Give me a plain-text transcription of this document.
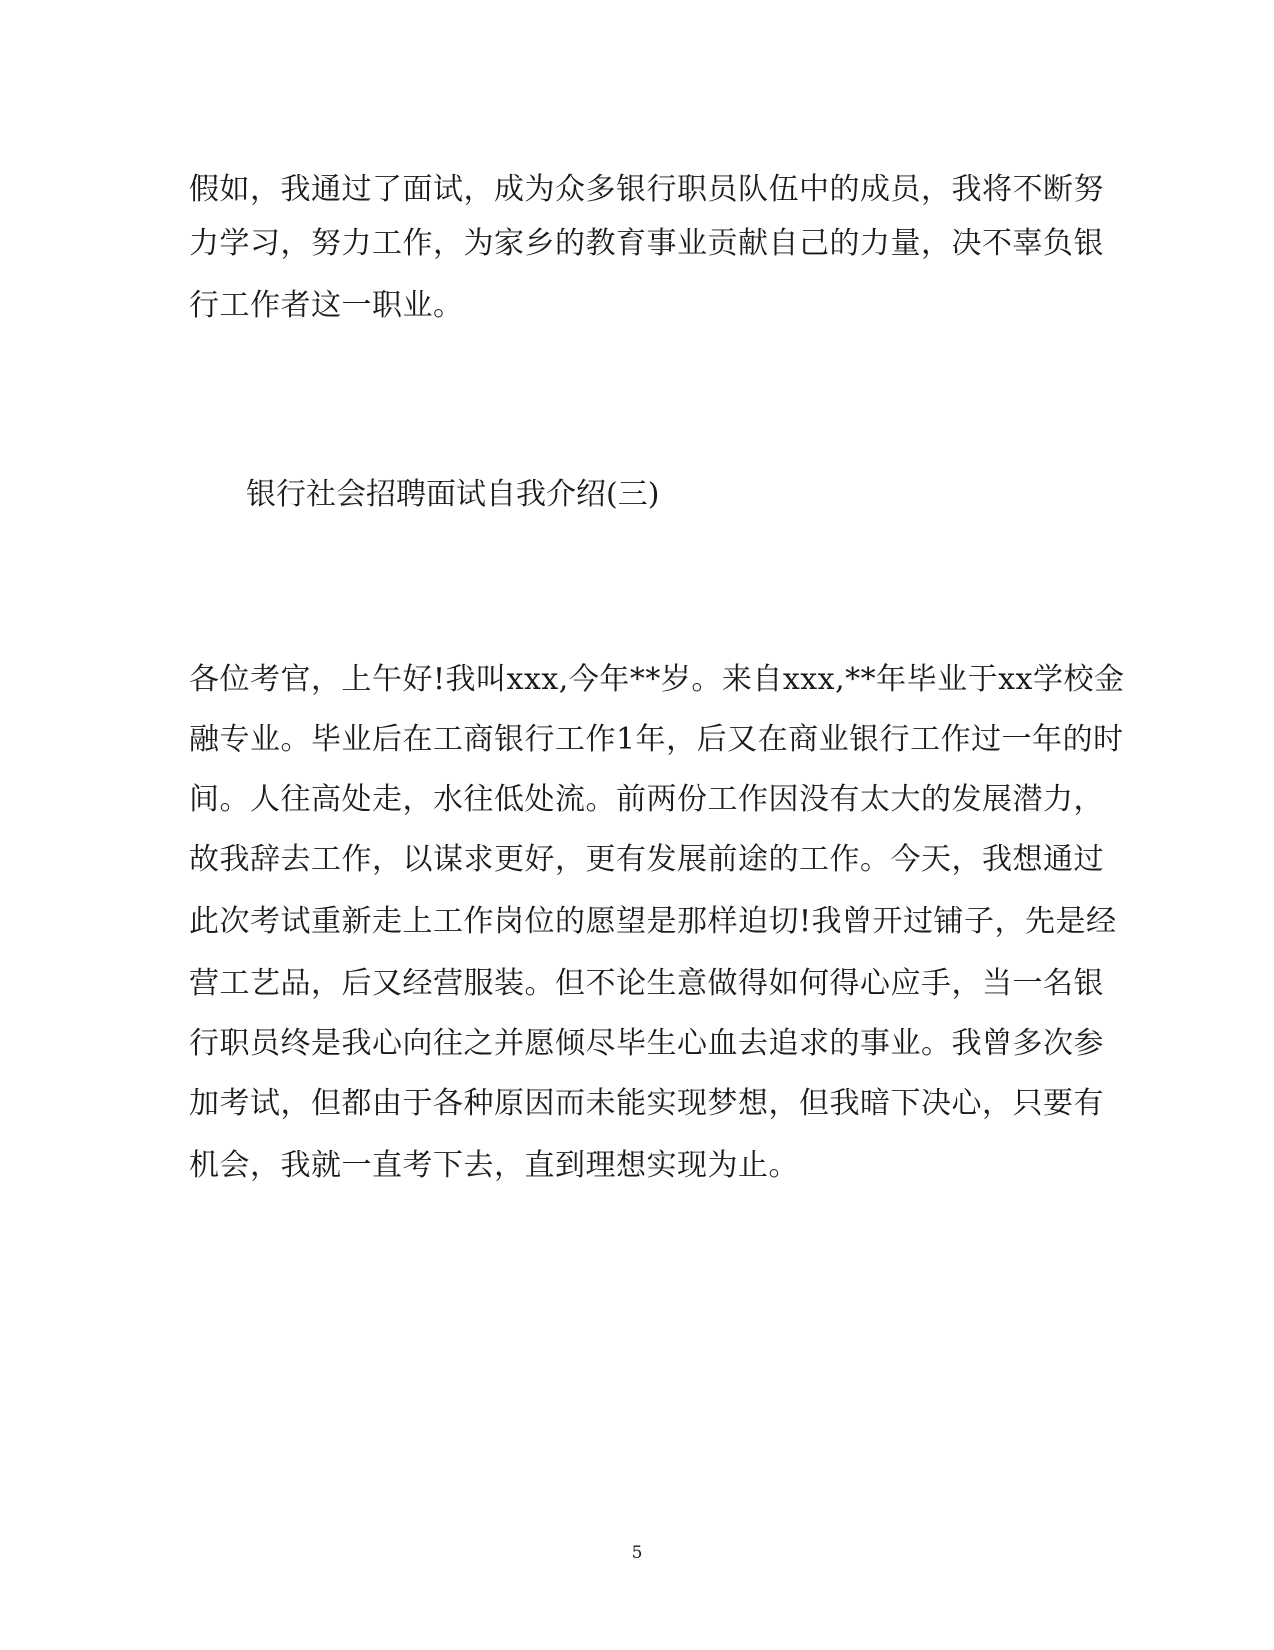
假如，我通过了面试，成为众多银行职员队伍中的成员，我将不断努
力学习，努力工作，为家乡的教育事业贡献自己的力量，决不辜负银
行工作者这一职业。
银行社会招聘面试自我介绍(三)
各位考官，上午好!我叫xxx,今年**岁。来自xxx,**年毕业于xx学校金
融专业。毕业后在工商银行工作1年，后又在商业银行工作过一年的时
间。人往高处走，水往低处流。前两份工作因没有太大的发展潜力，
故我辞去工作，以谋求更好，更有发展前途的工作。今天，我想通过
此次考试重新走上工作岗位的愿望是那样迫切!我曾开过铺子，先是经
营工艺品，后又经营服装。但不论生意做得如何得心应手，当一名银
行职员终是我心向往之并愿倾尽毕生心血去追求的事业。我曾多次参
加考试，但都由于各种原因而未能实现梦想，但我暗下决心，只要有
机会，我就一直考下去，直到理想实现为止。
5
